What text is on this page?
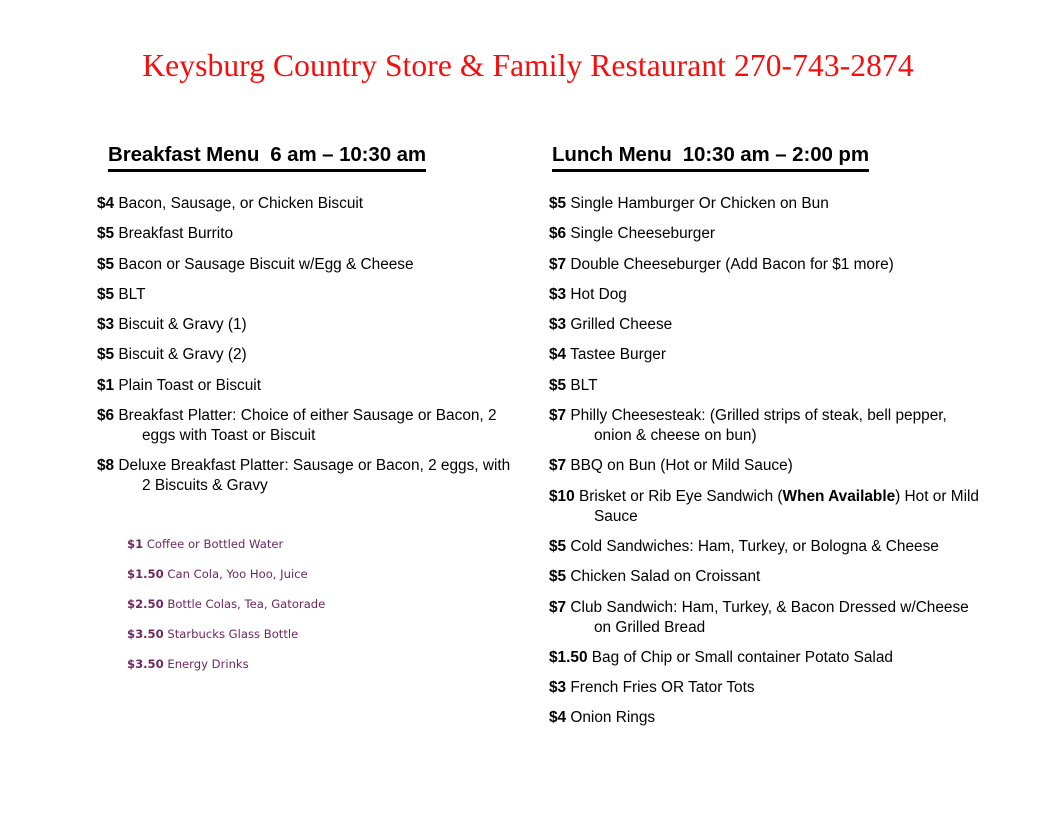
Keysburg Country Store & Family Restaurant 270-743-2874
Breakfast Menu 6 am – 10:30 am
$4 Bacon, Sausage, or Chicken Biscuit
$5 Breakfast Burrito
$5 Bacon or Sausage Biscuit w/Egg & Cheese
$5 BLT
$3 Biscuit & Gravy (1)
$5 Biscuit & Gravy (2)
$1 Plain Toast or Biscuit
$6 Breakfast Platter: Choice of either Sausage or Bacon, 2 eggs with Toast or Biscuit
$8 Deluxe Breakfast Platter: Sausage or Bacon, 2 eggs, with 2 Biscuits & Gravy
$1 Coffee or Bottled Water
$1.50 Can Cola, Yoo Hoo, Juice
$2.50 Bottle Colas, Tea, Gatorade
$3.50 Starbucks Glass Bottle
$3.50 Energy Drinks
Lunch Menu 10:30 am – 2:00 pm
$5 Single Hamburger Or Chicken on Bun
$6 Single Cheeseburger
$7 Double Cheeseburger (Add Bacon for $1 more)
$3 Hot Dog
$3 Grilled Cheese
$4 Tastee Burger
$5 BLT
$7 Philly Cheesesteak: (Grilled strips of steak, bell pepper, onion & cheese on bun)
$7 BBQ on Bun (Hot or Mild Sauce)
$10 Brisket or Rib Eye Sandwich (When Available) Hot or Mild Sauce
$5 Cold Sandwiches: Ham, Turkey, or Bologna & Cheese
$5 Chicken Salad on Croissant
$7 Club Sandwich: Ham, Turkey, & Bacon Dressed w/Cheese on Grilled Bread
$1.50 Bag of Chip or Small container Potato Salad
$3 French Fries OR Tator Tots
$4 Onion Rings
